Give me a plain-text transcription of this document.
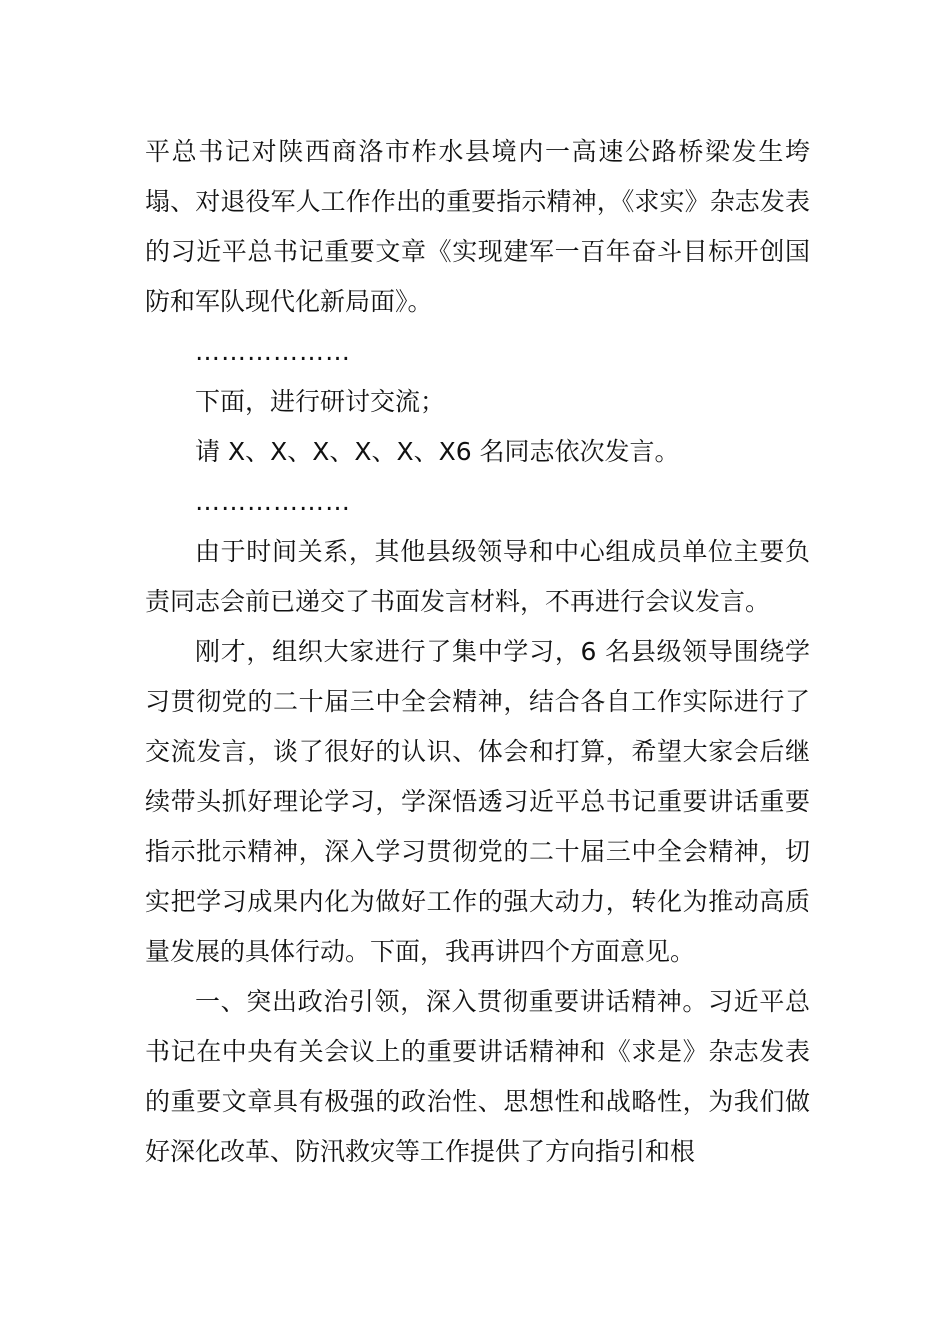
平总书记对陕西商洛市柞水县境内一高速公路桥梁发生垮塌、对退役军人工作作出的重要指示精神，《求实》杂志发表的习近平总书记重要文章《实现建军一百年奋斗目标开创国防和军队现代化新局面》。

………………

下面，进行研讨交流；

请 X、X、X、X、X、X6 名同志依次发言。

………………

由于时间关系，其他县级领导和中心组成员单位主要负责同志会前已递交了书面发言材料，不再进行会议发言。

刚才，组织大家进行了集中学习，6 名县级领导围绕学习贯彻党的二十届三中全会精神，结合各自工作实际进行了交流发言，谈了很好的认识、体会和打算，希望大家会后继续带头抓好理论学习，学深悟透习近平总书记重要讲话重要指示批示精神，深入学习贯彻党的二十届三中全会精神，切实把学习成果内化为做好工作的强大动力，转化为推动高质量发展的具体行动。下面，我再讲四个方面意见。

一、突出政治引领，深入贯彻重要讲话精神。习近平总书记在中央有关会议上的重要讲话精神和《求是》杂志发表的重要文章具有极强的政治性、思想性和战略性，为我们做好深化改革、防汛救灾等工作提供了方向指引和根
